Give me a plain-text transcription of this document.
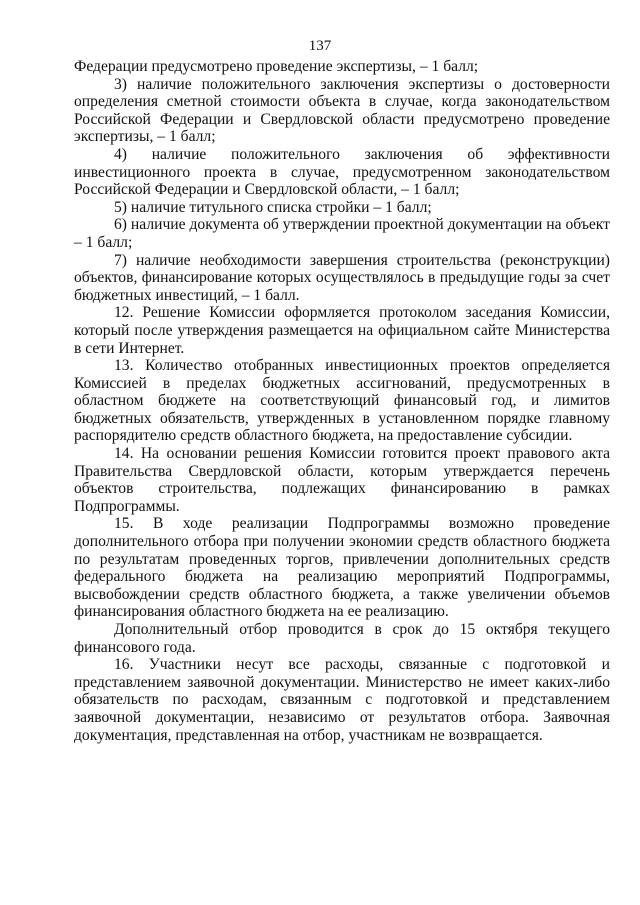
137

Федерации предусмотрено проведение экспертизы, – 1 балл;

3) наличие положительного заключения экспертизы о достоверности определения сметной стоимости объекта в случае, когда законодательством Российской Федерации и Свердловской области предусмотрено проведение экспертизы, – 1 балл;

4) наличие положительного заключения об эффективности инвестиционного проекта в случае, предусмотренном законодательством Российской Федерации и Свердловской области, – 1 балл;

5) наличие титульного списка стройки – 1 балл;

6) наличие документа об утверждении проектной документации на объект – 1 балл;

7) наличие необходимости завершения строительства (реконструкции) объектов, финансирование которых осуществлялось в предыдущие годы за счет бюджетных инвестиций, – 1 балл.

12. Решение Комиссии оформляется протоколом заседания Комиссии, который после утверждения размещается на официальном сайте Министерства в сети Интернет.

13. Количество отобранных инвестиционных проектов определяется Комиссией в пределах бюджетных ассигнований, предусмотренных в областном бюджете на соответствующий финансовый год, и лимитов бюджетных обязательств, утвержденных в установленном порядке главному распорядителю средств областного бюджета, на предоставление субсидии.

14. На основании решения Комиссии готовится проект правового акта Правительства Свердловской области, которым утверждается перечень объектов строительства, подлежащих финансированию в рамках Подпрограммы.

15. В ходе реализации Подпрограммы возможно проведение дополнительного отбора при получении экономии средств областного бюджета по результатам проведенных торгов, привлечении дополнительных средств федерального бюджета на реализацию мероприятий Подпрограммы, высвобождении средств областного бюджета, а также увеличении объемов финансирования областного бюджета на ее реализацию.

Дополнительный отбор проводится в срок до 15 октября текущего финансового года.

16. Участники несут все расходы, связанные с подготовкой и представлением заявочной документации. Министерство не имеет каких-либо обязательств по расходам, связанным с подготовкой и представлением заявочной документации, независимо от результатов отбора. Заявочная документация, представленная на отбор, участникам не возвращается.
